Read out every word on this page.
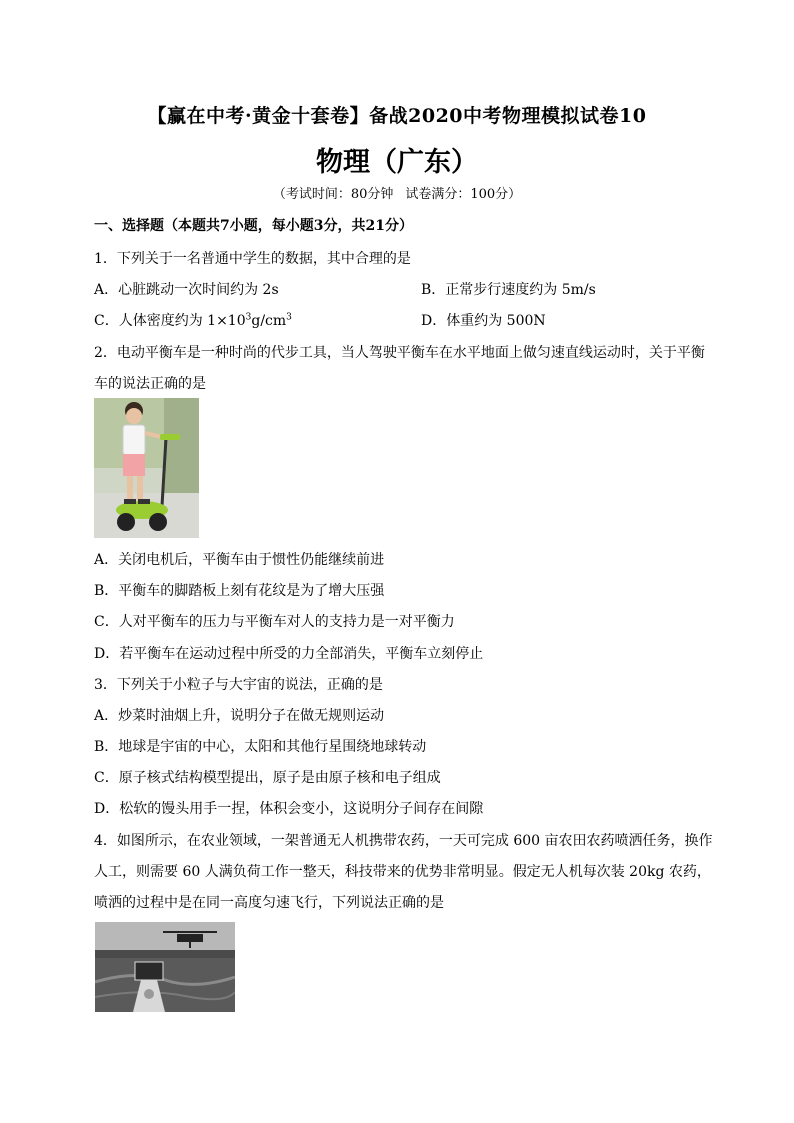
【赢在中考·黄金十套卷】备战2020中考物理模拟试卷10
物理（广东）
（考试时间：80分钟 试卷满分：100分）
一、选择题（本题共7小题，每小题3分，共21分）
1．下列关于一名普通中学生的数据，其中合理的是
A．心脏跳动一次时间约为 2s	B．正常步行速度约为 5m/s
C．人体密度约为 $1\times 10^3g/cm^3$	D．体重约为 500N
2．电动平衡车是一种时尚的代步工具，当人驾驶平衡车在水平地面上做匀速直线运动时，关于平衡
车的说法正确的是
A．关闭电机后，平衡车由于惯性仍能继续前进
B．平衡车的脚踏板上刻有花纹是为了增大压强
C．人对平衡车的压力与平衡车对人的支持力是一对平衡力
D．若平衡车在运动过程中所受的力全部消失，平衡车立刻停止
3．下列关于小粒子与大宇宙的说法，正确的是
A．炒菜时油烟上升，说明分子在做无规则运动
B．地球是宇宙的中心，太阳和其他行星围绕地球转动
C．原子核式结构模型提出，原子是由原子核和电子组成
D．松软的馒头用手一捏，体积会变小，这说明分子间存在间隙
4．如图所示，在农业领域，一架普通无人机携带农药，一天可完成 600 亩农田农药喷洒任务，换作
人工，则需要 60 人满负荷工作一整天，科技带来的优势非常明显。假定无人机每次装 20kg 农药，
喷洒的过程中是在同一高度匀速飞行，下列说法正确的是
